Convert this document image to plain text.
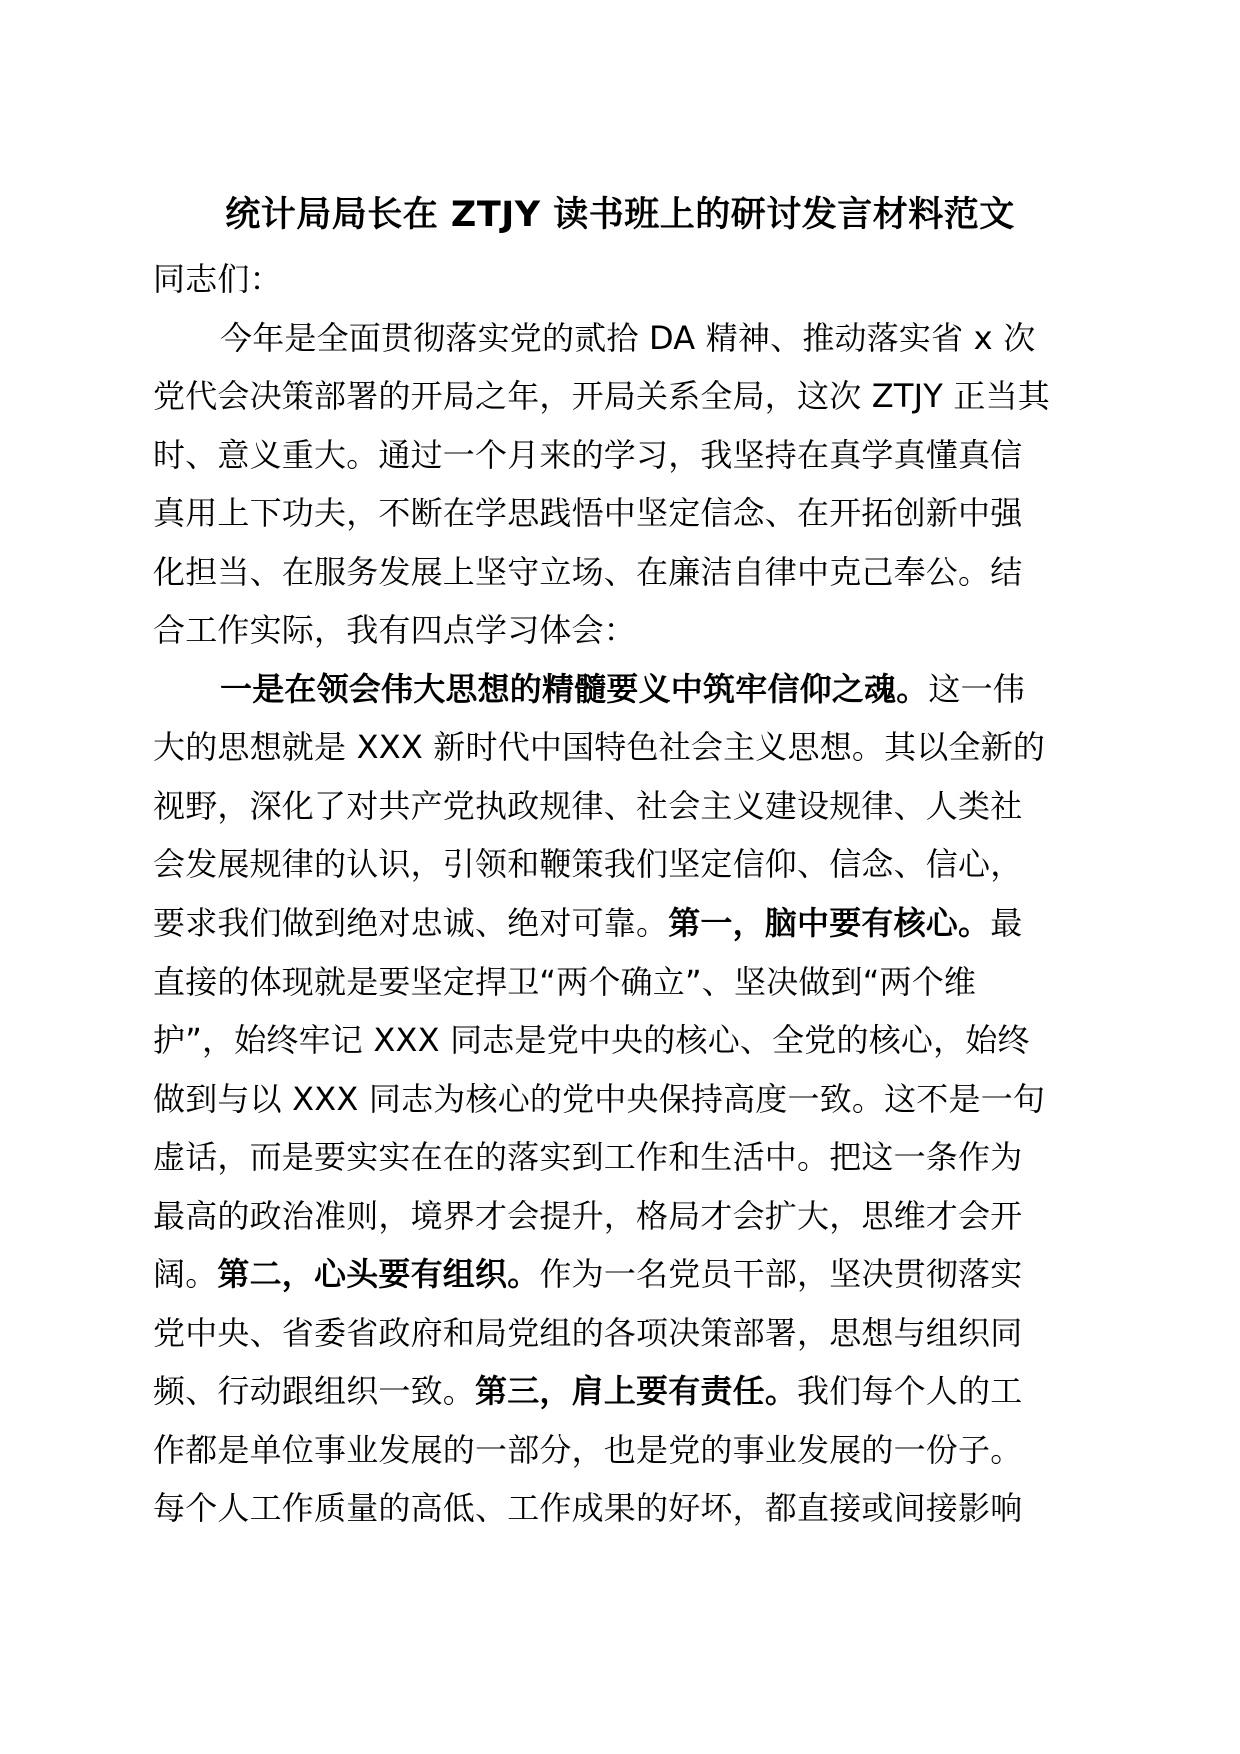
统计局局长在 ZTJY 读书班上的研讨发言材料范文
同志们：
今年是全面贯彻落实党的贰拾 DA 精神、推动落实省 x 次
党代会决策部署的开局之年，开局关系全局，这次 ZTJY 正当其
时、意义重大。通过一个月来的学习，我坚持在真学真懂真信
真用上下功夫，不断在学思践悟中坚定信念、在开拓创新中强
化担当、在服务发展上坚守立场、在廉洁自律中克己奉公。结
合工作实际，我有四点学习体会：
一是在领会伟大思想的精髓要义中筑牢信仰之魂。这一伟
大的思想就是 XXX 新时代中国特色社会主义思想。其以全新的
视野，深化了对共产党执政规律、社会主义建设规律、人类社
会发展规律的认识，引领和鞭策我们坚定信仰、信念、信心，
要求我们做到绝对忠诚、绝对可靠。第一，脑中要有核心。最
直接的体现就是要坚定捍卫“两个确立”、坚决做到“两个维
护”，始终牢记 XXX 同志是党中央的核心、全党的核心，始终
做到与以 XXX 同志为核心的党中央保持高度一致。这不是一句
虚话，而是要实实在在的落实到工作和生活中。把这一条作为
最高的政治准则，境界才会提升，格局才会扩大，思维才会开
阔。第二，心头要有组织。作为一名党员干部，坚决贯彻落实
党中央、省委省政府和局党组的各项决策部署，思想与组织同
频、行动跟组织一致。第三，肩上要有责任。我们每个人的工
作都是单位事业发展的一部分，也是党的事业发展的一份子。
每个人工作质量的高低、工作成果的好坏，都直接或间接影响
